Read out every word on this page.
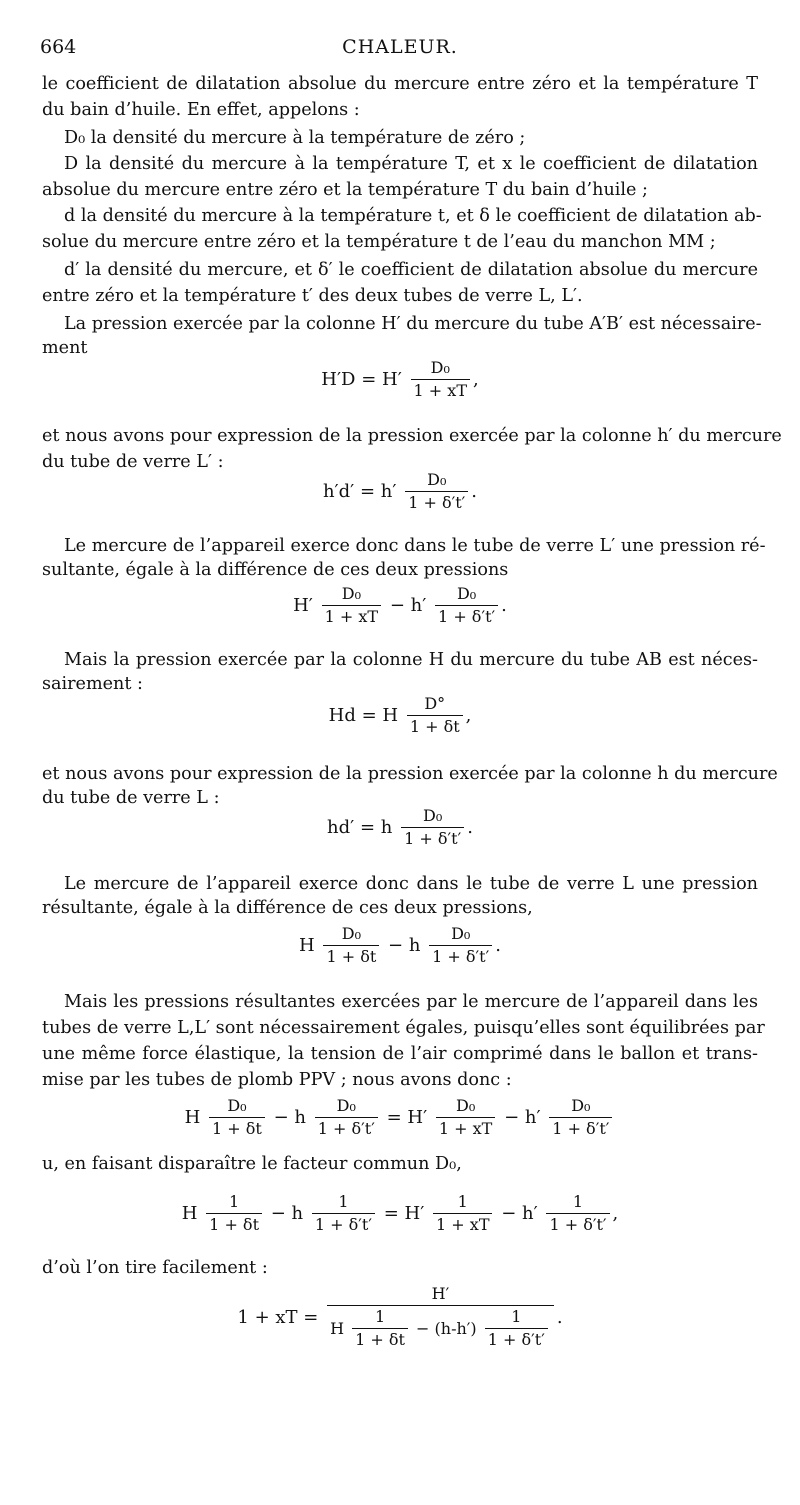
664	CHALEUR.
le coefficient de dilatation absolue du mercure entre zéro et la température T
du bain d’huile. En effet, appelons :
D₀ la densité du mercure à la température de zéro ;
D la densité du mercure à la température T, et x le coefficient de dilatation
absolue du mercure entre zéro et la température T du bain d’huile ;
d la densité du mercure à la température t, et δ le coefficient de dilatation ab-
solue du mercure entre zéro et la température t de l’eau du manchon MM ;
d′ la densité du mercure, et δ′ le coefficient de dilatation absolue du mercure
entre zéro et la température t′ des deux tubes de verre L, L′.
La pression exercée par la colonne H′ du mercure du tube A′B′ est nécessaire-
ment
$H'D = H' \frac{\text{D₀}}{1 + xT}$ ,
et nous avons pour expression de la pression exercée par la colonne h′ du mercure
du tube de verre L′ :
$h'd' = h' \frac{\text{D₀}}{1 + \delta't'}$ .
Le mercure de l’appareil exerce donc dans le tube de verre L′ une pression ré-
sultante, égale à la différence de ces deux pressions
$H' \frac{\text{D₀}}{1 + xT} - h' \frac{\text{D₀}}{1 + \delta't'}$ .
Mais la pression exercée par la colonne H du mercure du tube AB est néces-
sairement :
Hd = H $\frac{D^\circ}{1 + \delta t}$ ,
et nous avons pour expression de la pression exercée par la colonne h du mercure
du tube de verre L :
hd′ = h $\frac{\text{D₀}}{1 + \delta't'}$ .
Le mercure de l’appareil exerce donc dans le tube de verre L une pression
résultante, égale à la différence de ces deux pressions,
H $\frac{\text{D₀}}{1 + \delta t} - h \frac{\text{D₀}}{1 + \delta't'}$ .
Mais les pressions résultantes exercées par le mercure de l’appareil dans les
tubes de verre L,L′ sont nécessairement égales, puisqu’elles sont équilibrées par
une même force élastique, la tension de l’air comprimé dans le ballon et trans-
mise par les tubes de plomb PPV ; nous avons donc :
H $\frac{\text{D₀}}{1 + \delta t} - h \frac{\text{D₀}}{1 + \delta't'} = H' \frac{\text{D₀}}{1 + xT} - h' \frac{\text{D₀}}{1 + \delta't'}$
u, en faisant disparaître le facteur commun D₀,
H $\frac{1}{1 + \delta t} - h \frac{1}{1 + \delta't'} = H' \frac{1}{1 + xT} - h' \frac{1}{1 + \delta't'}$ ,
d’où l’on tire facilement :
1 + xT = $\frac{H'}{H \frac{1}{1 + \delta t} - (h-h') \frac{1}{1 + \delta't'}}$ .
